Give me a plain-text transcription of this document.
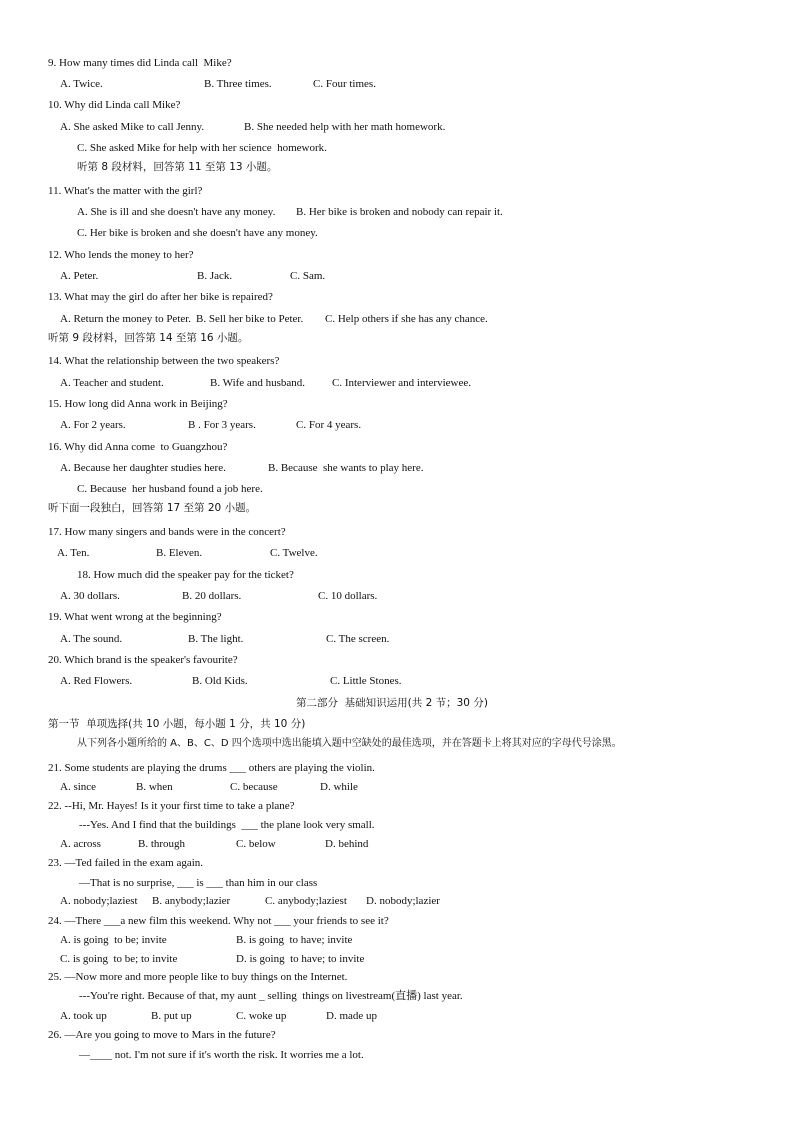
9. How many times did Linda call  Mike?
A. Twice.	B. Three times.	C. Four times.
10. Why did Linda call Mike?
A. She asked Mike to call Jenny.	B. She needed help with her math homework.
C. She asked Mike for help with her science  homework.
听第 8 段材料，回答第 11 至第 13 小题。
11. What's the matter with the girl?
A. She is ill and she doesn't have any money. B. Her bike is broken and nobody can repair it.
C. Her bike is broken and she doesn't have any money.
12. Who lends the money to her?
A. Peter.	B. Jack.	C. Sam.
13. What may the girl do after her bike is repaired?
A. Return the money to Peter. B. Sell her bike to Peter. C. Help others if she has any chance.
听第 9 段材料，回答第 14 至第 16 小题。
14. What the relationship between the two speakers?
A. Teacher and student.	B. Wife and husband. C. Interviewer and interviewee.
15. How long did Anna work in Beijing?
A. For 2 years.	B . For 3 years.	C. For 4 years.
16. Why did Anna come  to Guangzhou?
A. Because her daughter studies here.	B. Because  she wants to play here.
C. Because  her husband found a job here.
听下面一段独白，回答第 17 至第 20 小题。
17. How many singers and bands were in the concert?
A. Ten.	B. Eleven.	C. Twelve.
18. How much did the speaker pay for the ticket?
A. 30 dollars.	B. 20 dollars.	C. 10 dollars.
19. What went wrong at the beginning?
A. The sound.	B. The light.	C. The screen.
20. Which brand is the speaker's favourite?
A. Red Flowers.	B. Old Kids.	C. Little Stones.
第二部分  基础知识运用(共 2 节；30 分)
第一节  单项选择(共 10 小题，每小题 1 分，共 10 分)
从下列各小题所给的 A、B、C、D 四个选项中选出能填入题中空缺处的最佳选项，并在答题卡上将其对应的字母代号涂黑。
21. Some students are playing the drums ___ others are playing the violin.
A. since	B. when	C. because	D. while
22. --Hi, Mr. Hayes! Is it your first time to take a plane?
---Yes. And I find that the buildings  ___ the plane look very small.
A. across	B. through	C. below	D. behind
23. —Ted failed in the exam again.
—That is no surprise, ___ is ___ than him in our class
A. nobody;laziest B. anybody;lazier	C. anybody;laziest D. nobody;lazier
24. —There ___a new film this weekend. Why not ___ your friends to see it?
A. is going  to be; invite	B. is going  to have; invite
C. is going  to be; to invite	D. is going  to have; to invite
25. —Now more and more people like to buy things on the Internet.
---You're right. Because of that, my aunt _ selling  things on livestream(直播) last year.
A. took up	B. put up	C. woke up	D. made up
26. —Are you going to move to Mars in the future?
—____ not. I'm not sure if it's worth the risk. It worries me a lot.
